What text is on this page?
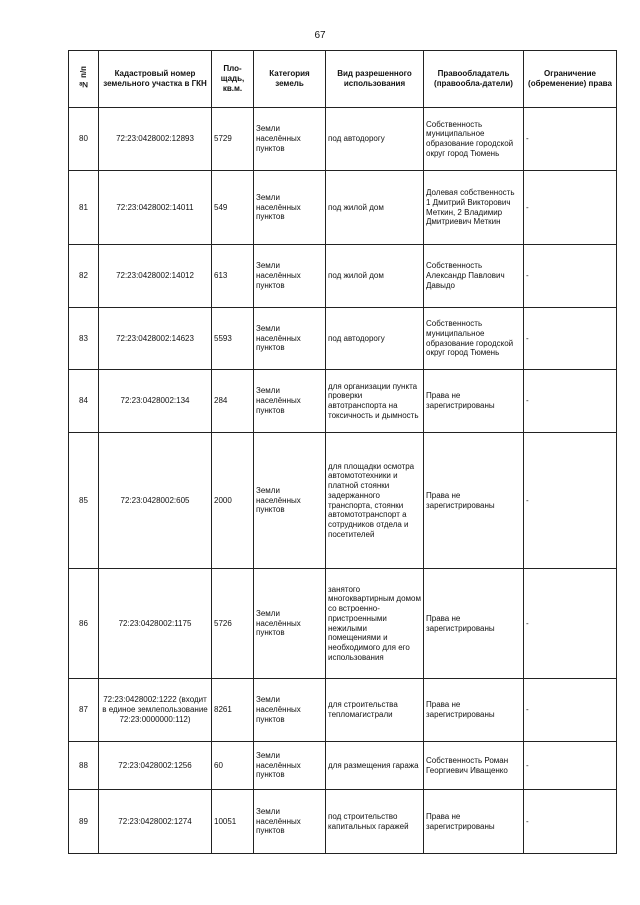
67
№ п/п	Кадастровый номер земельного участка в ГКН	Пло-щадь, кв.м.	Категория земель	Вид разрешенного использования	Правообладатель (правообла-датели)	Ограничение (обременение) права
80	72:23:0428002:12893	5729	Земли населённых пунктов	под автодорогу	Собственность муниципальное образование городской округ город Тюмень	-
81	72:23:0428002:14011	549	Земли населённых пунктов	под жилой дом	Долевая собственность 1 Дмитрий Викторович Меткин, 2 Владимир Дмитриевич Меткин	-
82	72:23:0428002:14012	613	Земли населённых пунктов	под жилой дом	Собственность Александр Павлович Давыдо	-
83	72:23:0428002:14623	5593	Земли населённых пунктов	под автодорогу	Собственность муниципальное образование городской округ город Тюмень	-
84	72:23:0428002:134	284	Земли населённых пунктов	для организации пункта проверки автотранспорта на токсичность и дымность	Права не зарегистрированы	-
85	72:23:0428002:605	2000	Земли населённых пунктов	для площадки осмотра автомототехники и платной стоянки задержанного транспорта, стоянки автомототранспорт а сотрудников отдела и посетителей	Права не зарегистрированы	-
86	72:23:0428002:1175	5726	Земли населённых пунктов	занятого многоквартирным домом со встроенно-пристроенными нежилыми помещениями и необходимого для его использования	Права не зарегистрированы	-
87	72:23:0428002:1222 (входит в единое землепользование 72:23:0000000:112)	8261	Земли населённых пунктов	для строительства тепломагистрали	Права не зарегистрированы	-
88	72:23:0428002:1256	60	Земли населённых пунктов	для размещения гаража	Собственность Роман Георгиевич Иващенко	-
89	72:23:0428002:1274	10051	Земли населённых пунктов	под строительство капитальных гаражей	Права не зарегистрированы	-
